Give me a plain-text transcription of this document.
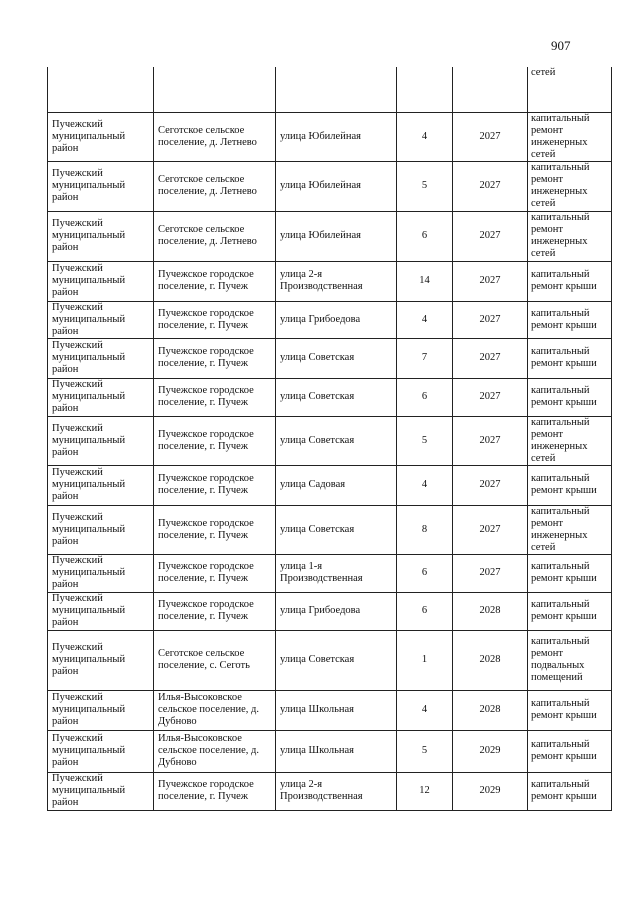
907
					сетей
Пучежский муниципальный район	Сеготское сельское поселение, д. Летнево	улица Юбилейная	4	2027	капитальный ремонт инженерных сетей
Пучежский муниципальный район	Сеготское сельское поселение, д. Летнево	улица Юбилейная	5	2027	капитальный ремонт инженерных сетей
Пучежский муниципальный район	Сеготское сельское поселение, д. Летнево	улица Юбилейная	6	2027	капитальный ремонт инженерных сетей
Пучежский муниципальный район	Пучежское городское поселение, г. Пучеж	улица 2-я Производственная	14	2027	капитальный ремонт крыши
Пучежский муниципальный район	Пучежское городское поселение, г. Пучеж	улица Грибоедова	4	2027	капитальный ремонт крыши
Пучежский муниципальный район	Пучежское городское поселение, г. Пучеж	улица Советская	7	2027	капитальный ремонт крыши
Пучежский муниципальный район	Пучежское городское поселение, г. Пучеж	улица Советская	6	2027	капитальный ремонт крыши
Пучежский муниципальный район	Пучежское городское поселение, г. Пучеж	улица Советская	5	2027	капитальный ремонт инженерных сетей
Пучежский муниципальный район	Пучежское городское поселение, г. Пучеж	улица Садовая	4	2027	капитальный ремонт крыши
Пучежский муниципальный район	Пучежское городское поселение, г. Пучеж	улица Советская	8	2027	капитальный ремонт инженерных сетей
Пучежский муниципальный район	Пучежское городское поселение, г. Пучеж	улица 1-я Производственная	6	2027	капитальный ремонт крыши
Пучежский муниципальный район	Пучежское городское поселение, г. Пучеж	улица Грибоедова	6	2028	капитальный ремонт крыши
Пучежский муниципальный район	Сеготское сельское поселение, с. Сеготь	улица Советская	1	2028	капитальный ремонт подвальных помещений
Пучежский муниципальный район	Илья-Высоковское сельское поселение, д. Дубново	улица Школьная	4	2028	капитальный ремонт крыши
Пучежский муниципальный район	Илья-Высоковское сельское поселение, д. Дубново	улица Школьная	5	2029	капитальный ремонт крыши
Пучежский муниципальный район	Пучежское городское поселение, г. Пучеж	улица 2-я Производственная	12	2029	капитальный ремонт крыши
